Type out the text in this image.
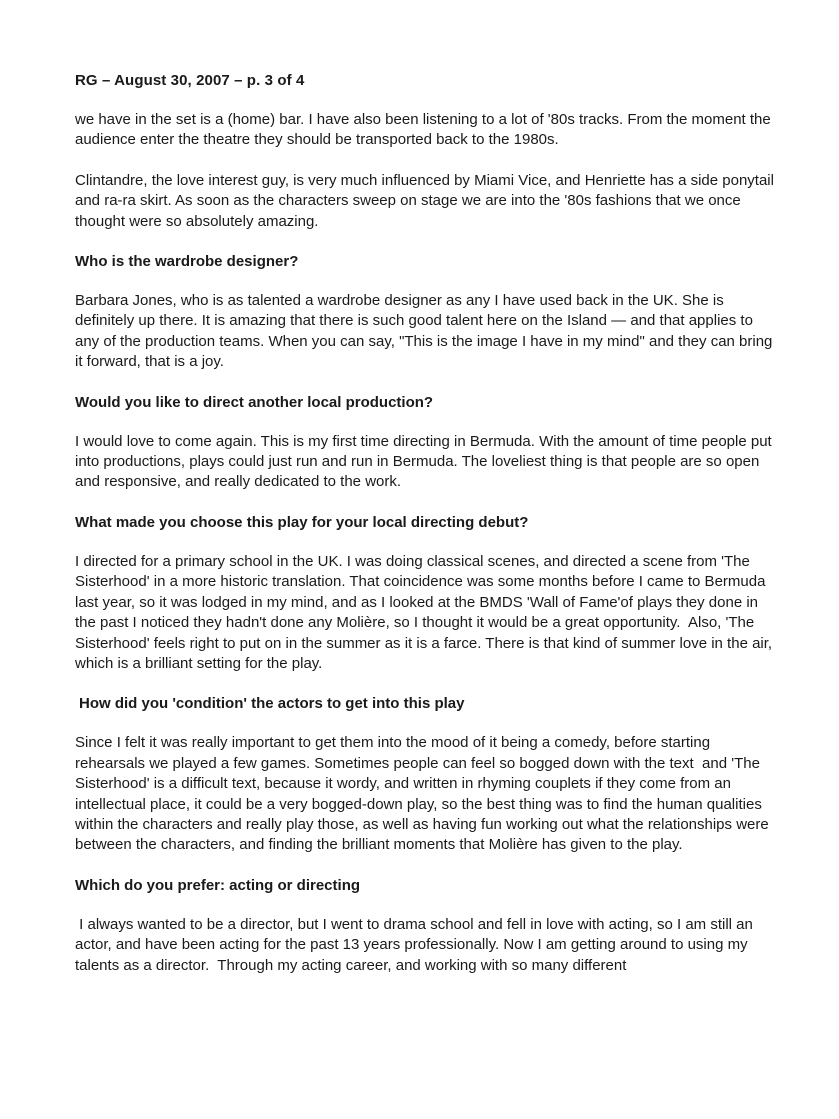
RG – August 30, 2007 – p. 3 of 4

we have in the set is a (home) bar. I have also been listening to a lot of '80s tracks. From the moment the audience enter the theatre they should be transported back to the 1980s.

Clintandre, the love interest guy, is very much influenced by Miami Vice, and Henriette has a side ponytail and ra-ra skirt. As soon as the characters sweep on stage we are into the '80s fashions that we once thought were so absolutely amazing.

Who is the wardrobe designer?

Barbara Jones, who is as talented a wardrobe designer as any I have used back in the UK. She is definitely up there. It is amazing that there is such good talent here on the Island — and that applies to any of the production teams. When you can say, "This is the image I have in my mind" and they can bring it forward, that is a joy.

Would you like to direct another local production?

I would love to come again. This is my first time directing in Bermuda. With the amount of time people put into productions, plays could just run and run in Bermuda. The loveliest thing is that people are so open and responsive, and really dedicated to the work.

What made you choose this play for your local directing debut?

I directed for a primary school in the UK. I was doing classical scenes, and directed a scene from 'The Sisterhood' in a more historic translation. That coincidence was some months before I came to Bermuda last year, so it was lodged in my mind, and as I looked at the BMDS 'Wall of Fame'of plays they done in the past I noticed they hadn't done any Molière, so I thought it would be a great opportunity.  Also, 'The Sisterhood' feels right to put on in the summer as it is a farce. There is that kind of summer love in the air, which is a brilliant setting for the play.

How did you 'condition' the actors to get into this play

Since I felt it was really important to get them into the mood of it being a comedy, before starting rehearsals we played a few games. Sometimes people can feel so bogged down with the text  and 'The Sisterhood' is a difficult text, because it wordy, and written in rhyming couplets if they come from an intellectual place, it could be a very bogged-down play, so the best thing was to find the human qualities within the characters and really play those, as well as having fun working out what the relationships were between the characters, and finding the brilliant moments that Molière has given to the play.

Which do you prefer: acting or directing

I always wanted to be a director, but I went to drama school and fell in love with acting, so I am still an actor, and have been acting for the past 13 years professionally. Now I am getting around to using my talents as a director.  Through my acting career, and working with so many different
